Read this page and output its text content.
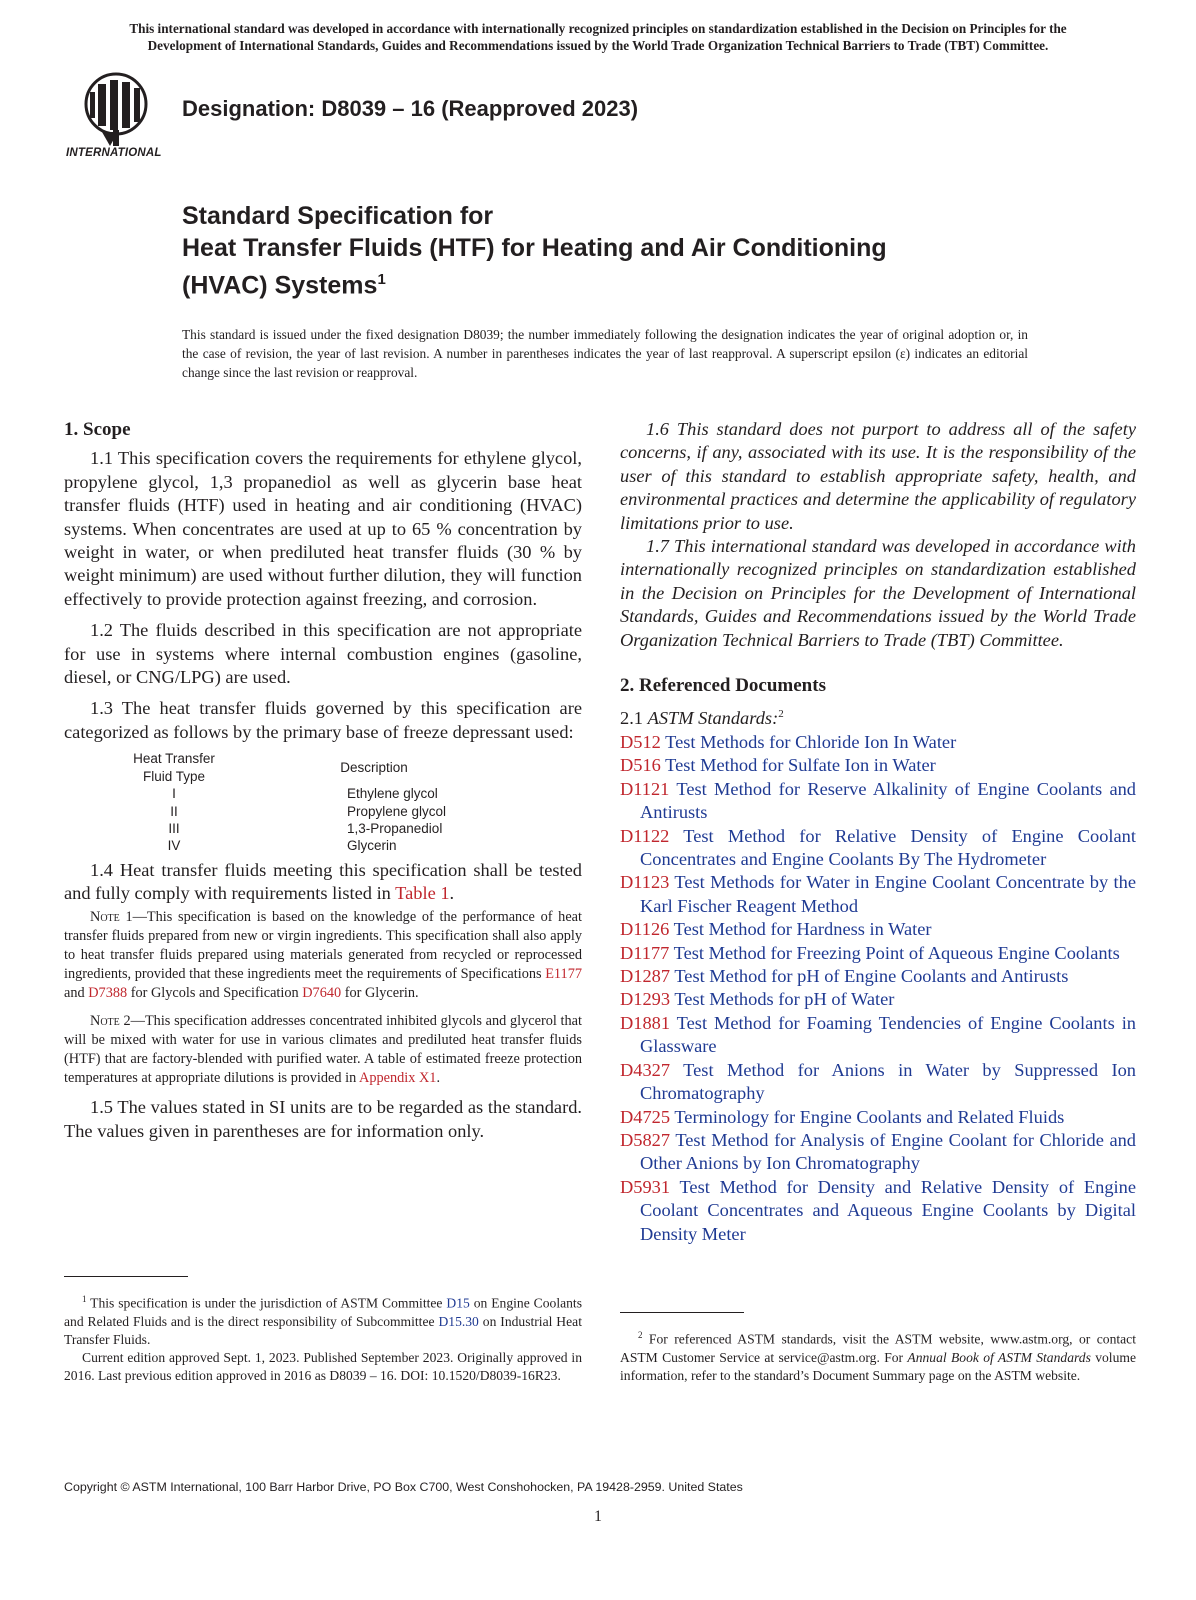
This international standard was developed in accordance with internationally recognized principles on standardization established in the Decision on Principles for the
Development of International Standards, Guides and Recommendations issued by the World Trade Organization Technical Barriers to Trade (TBT) Committee.
INTERNATIONAL
Designation: D8039 – 16 (Reapproved 2023)
Standard Specification for
Heat Transfer Fluids (HTF) for Heating and Air Conditioning
(HVAC) Systems$^1$
This standard is issued under the fixed designation D8039; the number immediately following the designation indicates the year of original adoption or, in the case of revision, the year of last revision. A number in parentheses indicates the year of last reapproval. A superscript epsilon (ε) indicates an editorial change since the last revision or reapproval.
1. Scope

1.1 This specification covers the requirements for ethylene glycol, propylene glycol, 1,3 propanediol as well as glycerin base heat transfer fluids (HTF) used in heating and air conditioning (HVAC) systems. When concentrates are used at up to 65 % concentration by weight in water, or when prediluted heat transfer fluids (30 % by weight minimum) are used without further dilution, they will function effectively to provide protection against freezing, and corrosion.

1.2 The fluids described in this specification are not appropriate for use in systems where internal combustion engines (gasoline, diesel, or CNG/LPG) are used.

1.3 The heat transfer fluids governed by this specification are categorized as follows by the primary base of freeze depressant used:

Heat Transfer
Fluid Type	Description
I	Ethylene glycol
II	Propylene glycol
III	1,3-Propanediol
IV	Glycerin

1.4 Heat transfer fluids meeting this specification shall be tested and fully comply with requirements listed in Table 1.

Note 1—This specification is based on the knowledge of the performance of heat transfer fluids prepared from new or virgin ingredients. This specification shall also apply to heat transfer fluids prepared using materials generated from recycled or reprocessed ingredients, provided that these ingredients meet the requirements of Specifications E1177 and D7388 for Glycols and Specification D7640 for Glycerin.

Note 2—This specification addresses concentrated inhibited glycols and glycerol that will be mixed with water for use in various climates and prediluted heat transfer fluids (HTF) that are factory-blended with purified water. A table of estimated freeze protection temperatures at appropriate dilutions is provided in Appendix X1.

1.5 The values stated in SI units are to be regarded as the standard. The values given in parentheses are for information only.

1.6 This standard does not purport to address all of the safety concerns, if any, associated with its use. It is the responsibility of the user of this standard to establish appropriate safety, health, and environmental practices and determine the applicability of regulatory limitations prior to use.

1.7 This international standard was developed in accordance with internationally recognized principles on standardization established in the Decision on Principles for the Development of International Standards, Guides and Recommendations issued by the World Trade Organization Technical Barriers to Trade (TBT) Committee.

2. Referenced Documents
2.1 ASTM Standards:$^2$
D512 Test Methods for Chloride Ion In Water
D516 Test Method for Sulfate Ion in Water
D1121 Test Method for Reserve Alkalinity of Engine Coolants and Antirusts
D1122 Test Method for Relative Density of Engine Coolant Concentrates and Engine Coolants By The Hydrometer
D1123 Test Methods for Water in Engine Coolant Concentrate by the Karl Fischer Reagent Method
D1126 Test Method for Hardness in Water
D1177 Test Method for Freezing Point of Aqueous Engine Coolants
D1287 Test Method for pH of Engine Coolants and Antirusts
D1293 Test Methods for pH of Water
D1881 Test Method for Foaming Tendencies of Engine Coolants in Glassware
D4327 Test Method for Anions in Water by Suppressed Ion Chromatography
D4725 Terminology for Engine Coolants and Related Fluids
D5827 Test Method for Analysis of Engine Coolant for Chloride and Other Anions by Ion Chromatography
D5931 Test Method for Density and Relative Density of Engine Coolant Concentrates and Aqueous Engine Coolants by Digital Density Meter

$^1$ This specification is under the jurisdiction of ASTM Committee D15 on Engine Coolants and Related Fluids and is the direct responsibility of Subcommittee D15.30 on Industrial Heat Transfer Fluids.

Current edition approved Sept. 1, 2023. Published September 2023. Originally approved in 2016. Last previous edition approved in 2016 as D8039 – 16. DOI: 10.1520/D8039-16R23.

$^2$ For referenced ASTM standards, visit the ASTM website, www.astm.org, or contact ASTM Customer Service at service@astm.org. For Annual Book of ASTM Standards volume information, refer to the standard’s Document Summary page on the ASTM website.

Copyright © ASTM International, 100 Barr Harbor Drive, PO Box C700, West Conshohocken, PA 19428-2959. United States
1
